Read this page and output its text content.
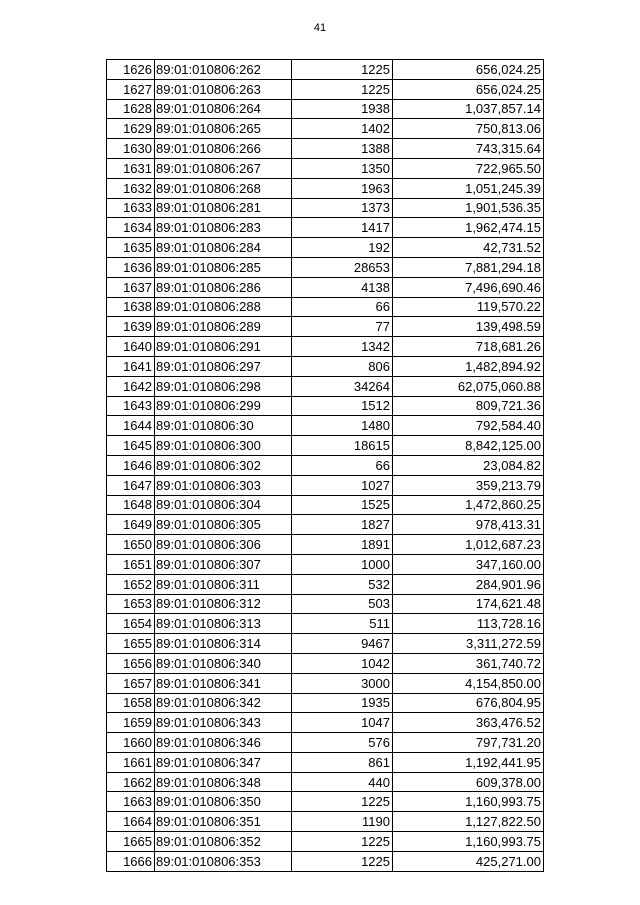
41
1626	89:01:010806:262	1225	656,024.25
1627	89:01:010806:263	1225	656,024.25
1628	89:01:010806:264	1938	1,037,857.14
1629	89:01:010806:265	1402	750,813.06
1630	89:01:010806:266	1388	743,315.64
1631	89:01:010806:267	1350	722,965.50
1632	89:01:010806:268	1963	1,051,245.39
1633	89:01:010806:281	1373	1,901,536.35
1634	89:01:010806:283	1417	1,962,474.15
1635	89:01:010806:284	192	42,731.52
1636	89:01:010806:285	28653	7,881,294.18
1637	89:01:010806:286	4138	7,496,690.46
1638	89:01:010806:288	66	119,570.22
1639	89:01:010806:289	77	139,498.59
1640	89:01:010806:291	1342	718,681.26
1641	89:01:010806:297	806	1,482,894.92
1642	89:01:010806:298	34264	62,075,060.88
1643	89:01:010806:299	1512	809,721.36
1644	89:01:010806:30	1480	792,584.40
1645	89:01:010806:300	18615	8,842,125.00
1646	89:01:010806:302	66	23,084.82
1647	89:01:010806:303	1027	359,213.79
1648	89:01:010806:304	1525	1,472,860.25
1649	89:01:010806:305	1827	978,413.31
1650	89:01:010806:306	1891	1,012,687.23
1651	89:01:010806:307	1000	347,160.00
1652	89:01:010806:311	532	284,901.96
1653	89:01:010806:312	503	174,621.48
1654	89:01:010806:313	511	113,728.16
1655	89:01:010806:314	9467	3,311,272.59
1656	89:01:010806:340	1042	361,740.72
1657	89:01:010806:341	3000	4,154,850.00
1658	89:01:010806:342	1935	676,804.95
1659	89:01:010806:343	1047	363,476.52
1660	89:01:010806:346	576	797,731.20
1661	89:01:010806:347	861	1,192,441.95
1662	89:01:010806:348	440	609,378.00
1663	89:01:010806:350	1225	1,160,993.75
1664	89:01:010806:351	1190	1,127,822.50
1665	89:01:010806:352	1225	1,160,993.75
1666	89:01:010806:353	1225	425,271.00
